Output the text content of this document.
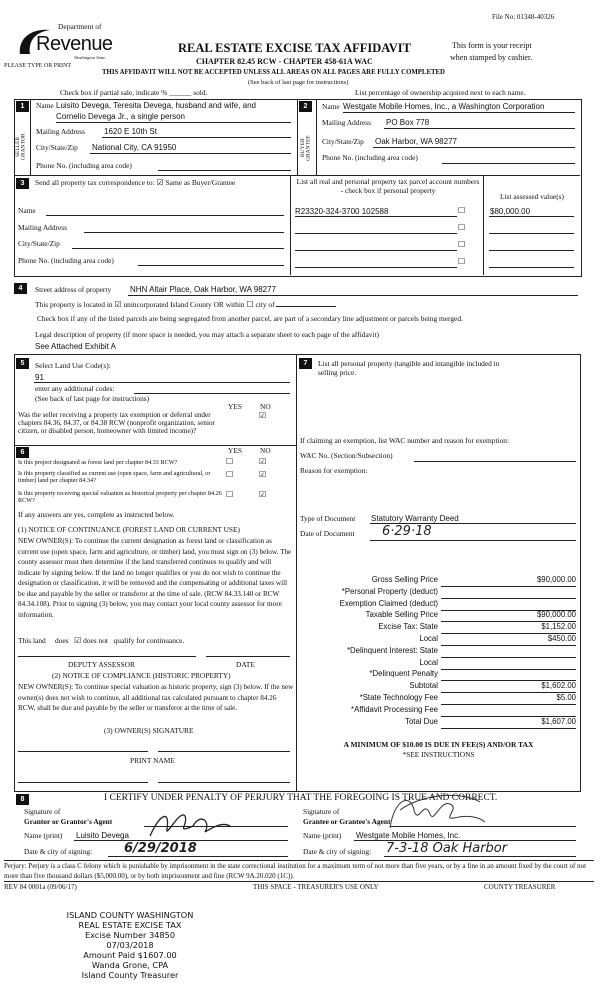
File No: 01348-40326
Department of
Revenue
Washington State
PLEASE TYPE OR PRINT
REAL ESTATE EXCISE TAX AFFIDAVIT
CHAPTER 82.45 RCW - CHAPTER 458-61A WAC
This form is your receipt
when stamped by cashier.
THIS AFFIDAVIT WILL NOT BE ACCEPTED UNLESS ALL AREAS ON ALL PAGES ARE FULLY COMPLETED
(See back of last page for instructions)
Check box if partial sale, indicate % ______ sold.	List percentage of ownership acquired next to each name.
1
SELLER GRANTOR
Name Luisito Devega, Teresita Devega, husband and wife, and
Cornelio Devega Jr., a single person
Mailing Address 1620 E 10th St
City/State/Zip National City, CA 91950
Phone No. (including area code)
2
BUYER GRANTEE
Name Westgate Mobile Homes, Inc., a Washington Corporation
Mailing Address PO Box 778
City/State/Zip Oak Harbor, WA 98277
Phone No. (including area code)
3	Send all property tax correspondence to: ☑ Same as Buyer/Grantee
Name
Mailing Address
City/State/Zip
Phone No. (including area code)
List all real and personal property tax parcel account numbers - check box if personal property
List assessed value(s)
R23320-324-3700 102588	$80,000.00
☐
☐
☐
☐
4	Street address of property NHN Altair Place, Oak Harbor, WA 98277
This property is located in ☑ unincorporated Island County OR within ☐ city of
Check box if any of the listed parcels are being segregated from another parcel, are part of a secondary line adjustment or parcels being merged.
Legal description of property (if more space is needed, you may attach a separate sheet to each page of the affidavit)
See Attached Exhibit A
5	Select Land Use Code(s):
91
enter any additional codes:
(See back of last page for instructions)
YES NO
Was the seller receiving a property tax exemption or deferral under chapters 84.36, 84.37, or 84.38 RCW (nonprofit organization, senior citizen, or disabled person, homeowner with limited income)?
☑
6	YES NO
Is this project designated as forest land per chapter 84.33 RCW?	☐	☑
Is this property classified as current use (open space, farm and agricultural, or timber) land per chapter 84.34?
☐	☑
Is this property receiving special valuation as historical property per chapter 84.26 RCW?
☐	☑
If any answers are yes, complete as instructed below.
(1) NOTICE OF CONTINUANCE (FOREST LAND OR CURRENT USE)
NEW OWNER(S): To continue the current designation as forest land or classification as current use (open space, farm and agriculture, or timber) land, you must sign on (3) below. The county assessor must then determine if the land transferred continues to qualify and will indicate by signing below. If the land no longer qualifies or you do not wish to continue the designation or classification, it will be removed and the compensating or additional taxes will be due and payable by the seller or transferor at the time of sale. (RCW 84.33.140 or RCW 84.34.108). Prior to signing (3) below, you may contact your local county assessor for more information.
This land does ☑ does not qualify for continuance.
DEPUTY ASSESSOR	DATE
(2) NOTICE OF COMPLIANCE (HISTORIC PROPERTY)
NEW OWNER(S): To continue special valuation as historic property, sign (3) below. If the new owner(s) does not wish to continue, all additional tax calculated pursuant to chapter 84.26 RCW, shall be due and payable by the seller or transferor at the time of sale.
(3) OWNER(S) SIGNATURE
PRINT NAME
7	List all personal property (tangible and intangible included in selling price.
If claiming an exemption, list WAC number and reason for exemption:
WAC No. (Section/Subsection)
Reason for exemption:
Type of Document Statutory Warranty Deed
Date of Document 6·29·18
Gross Selling Price	$90,000.00
*Personal Property (deduct)
Exemption Claimed (deduct)
Taxable Selling Price	$90,000.00
Excise Tax: State	$1,152.00
Local	$450.00
*Delinquent Interest: State
Local
*Delinquent Penalty
Subtotal	$1,602.00
*State Technology Fee	$5.00
*Affidavit Processing Fee
Total Due	$1,607.00
A MINIMUM OF $10.00 IS DUE IN FEE(S) AND/OR TAX
*SEE INSTRUCTIONS
8	I CERTIFY UNDER PENALTY OF PERJURY THAT THE FOREGOING IS TRUE AND CORRECT.
Signature of
Grantor or Grantor's Agent
Name (print) Luisito Devega
Date & city of signing: 6/29/2018
Signature of
Grantee or Grantee's Agent
Name (print) Westgate Mobile Homes, Inc.
Date & city of signing: 7-3-18 Oak Harbor
Perjury: Perjury is a class C felony which is punishable by imprisonment in the state correctional institution for a maximum term of not more than five years, or by a fine in an amount fixed by the court of not more than five thousand dollars ($5,000.00), or by both imprisonment and fine (RCW 9A.20.020 (1C)).
REV 84 0001a (09/06/17)	THIS SPACE - TREASURER'S USE ONLY	COUNTY TREASURER
ISLAND COUNTY WASHINGTON
REAL ESTATE EXCISE TAX
Excise Number 34850
07/03/2018
Amount Paid $1607.00
Wanda Grone, CPA
Island County Treasurer
